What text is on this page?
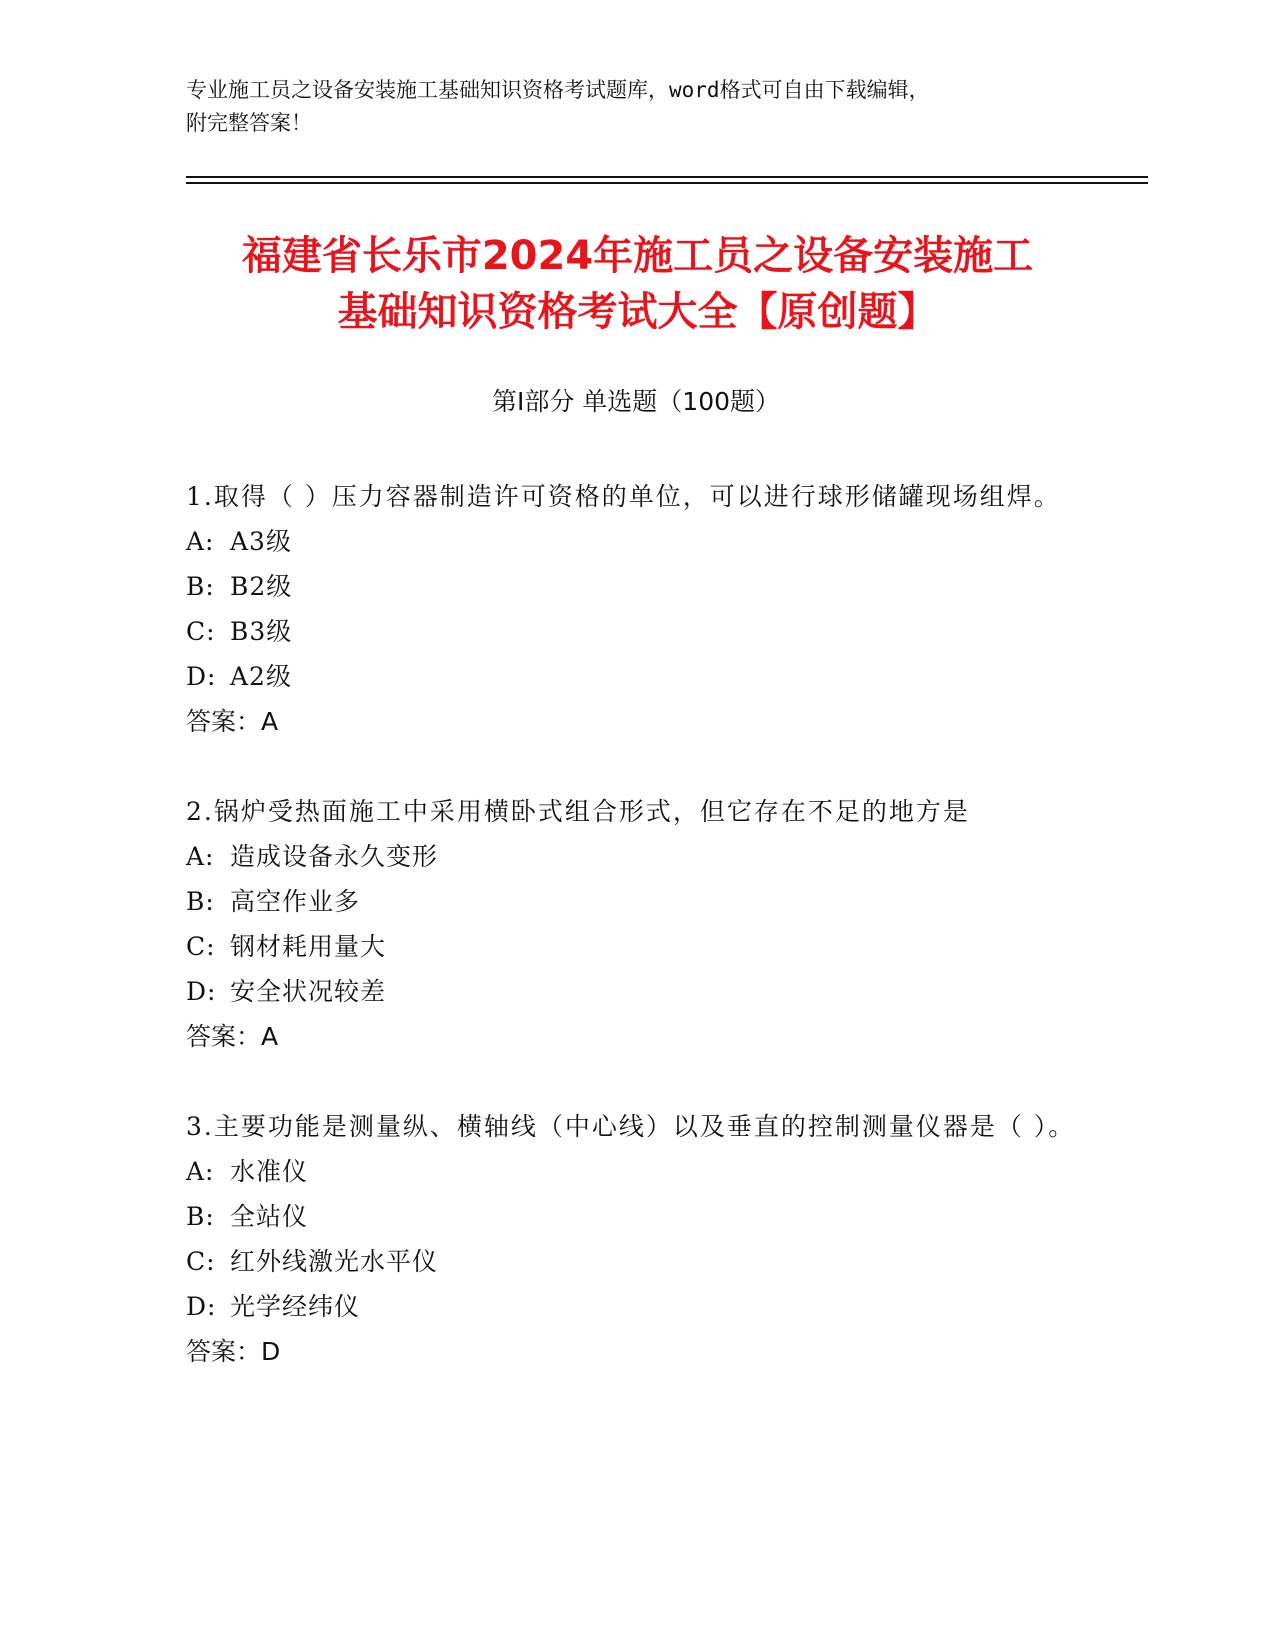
专业施工员之设备安装施工基础知识资格考试题库，word格式可自由下载编辑，
附完整答案！
福建省长乐市2024年施工员之设备安装施工
基础知识资格考试大全【原创题】
第Ⅰ部分 单选题（100题）
1.取得（ ）压力容器制造许可资格的单位，可以进行球形储罐现场组焊。
A: A3级
B: B2级
C: B3级
D: A2级
答案：A
2.锅炉受热面施工中采用横卧式组合形式，但它存在不足的地方是
A: 造成设备永久变形
B: 高空作业多
C: 钢材耗用量大
D: 安全状况较差
答案：A
3.主要功能是测量纵、横轴线（中心线）以及垂直的控制测量仪器是（ ）。
A: 水准仪
B: 全站仪
C: 红外线激光水平仪
D: 光学经纬仪
答案：D
